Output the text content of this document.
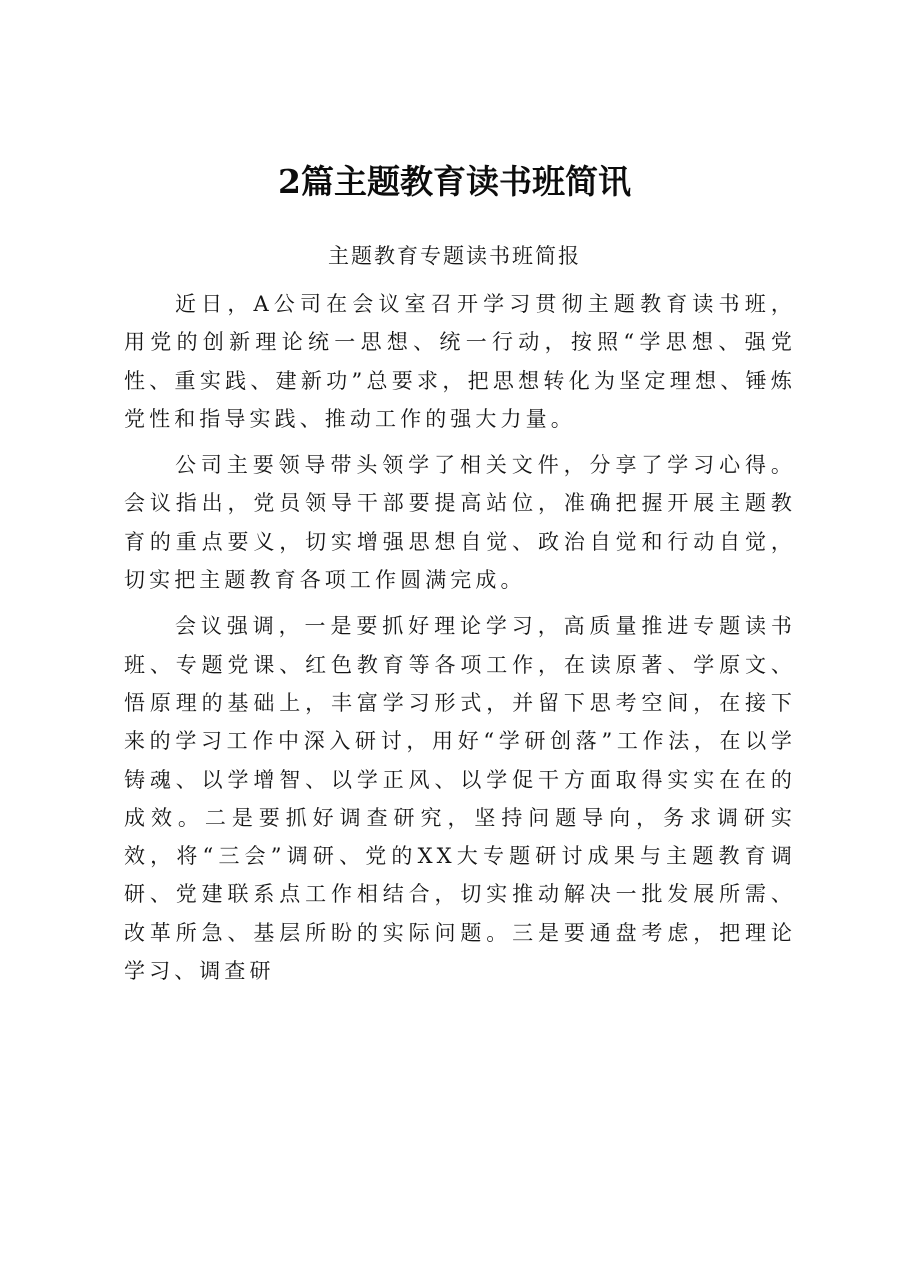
2篇主题教育读书班简讯
主题教育专题读书班简报

近日，A公司在会议室召开学习贯彻主题教育读书班，用党的创新理论统一思想、统一行动，按照“学思想、强党性、重实践、建新功”总要求，把思想转化为坚定理想、锤炼党性和指导实践、推动工作的强大力量。

公司主要领导带头领学了相关文件，分享了学习心得。会议指出，党员领导干部要提高站位，准确把握开展主题教育的重点要义，切实增强思想自觉、政治自觉和行动自觉，切实把主题教育各项工作圆满完成。

会议强调，一是要抓好理论学习，高质量推进专题读书班、专题党课、红色教育等各项工作，在读原著、学原文、悟原理的基础上，丰富学习形式，并留下思考空间，在接下来的学习工作中深入研讨，用好“学研创落”工作法，在以学铸魂、以学增智、以学正风、以学促干方面取得实实在在的成效。二是要抓好调查研究，坚持问题导向，务求调研实效，将“三会”调研、党的XX大专题研讨成果与主题教育调研、党建联系点工作相结合，切实推动解决一批发展所需、改革所急、基层所盼的实际问题。三是要通盘考虑，把理论学习、调查研
